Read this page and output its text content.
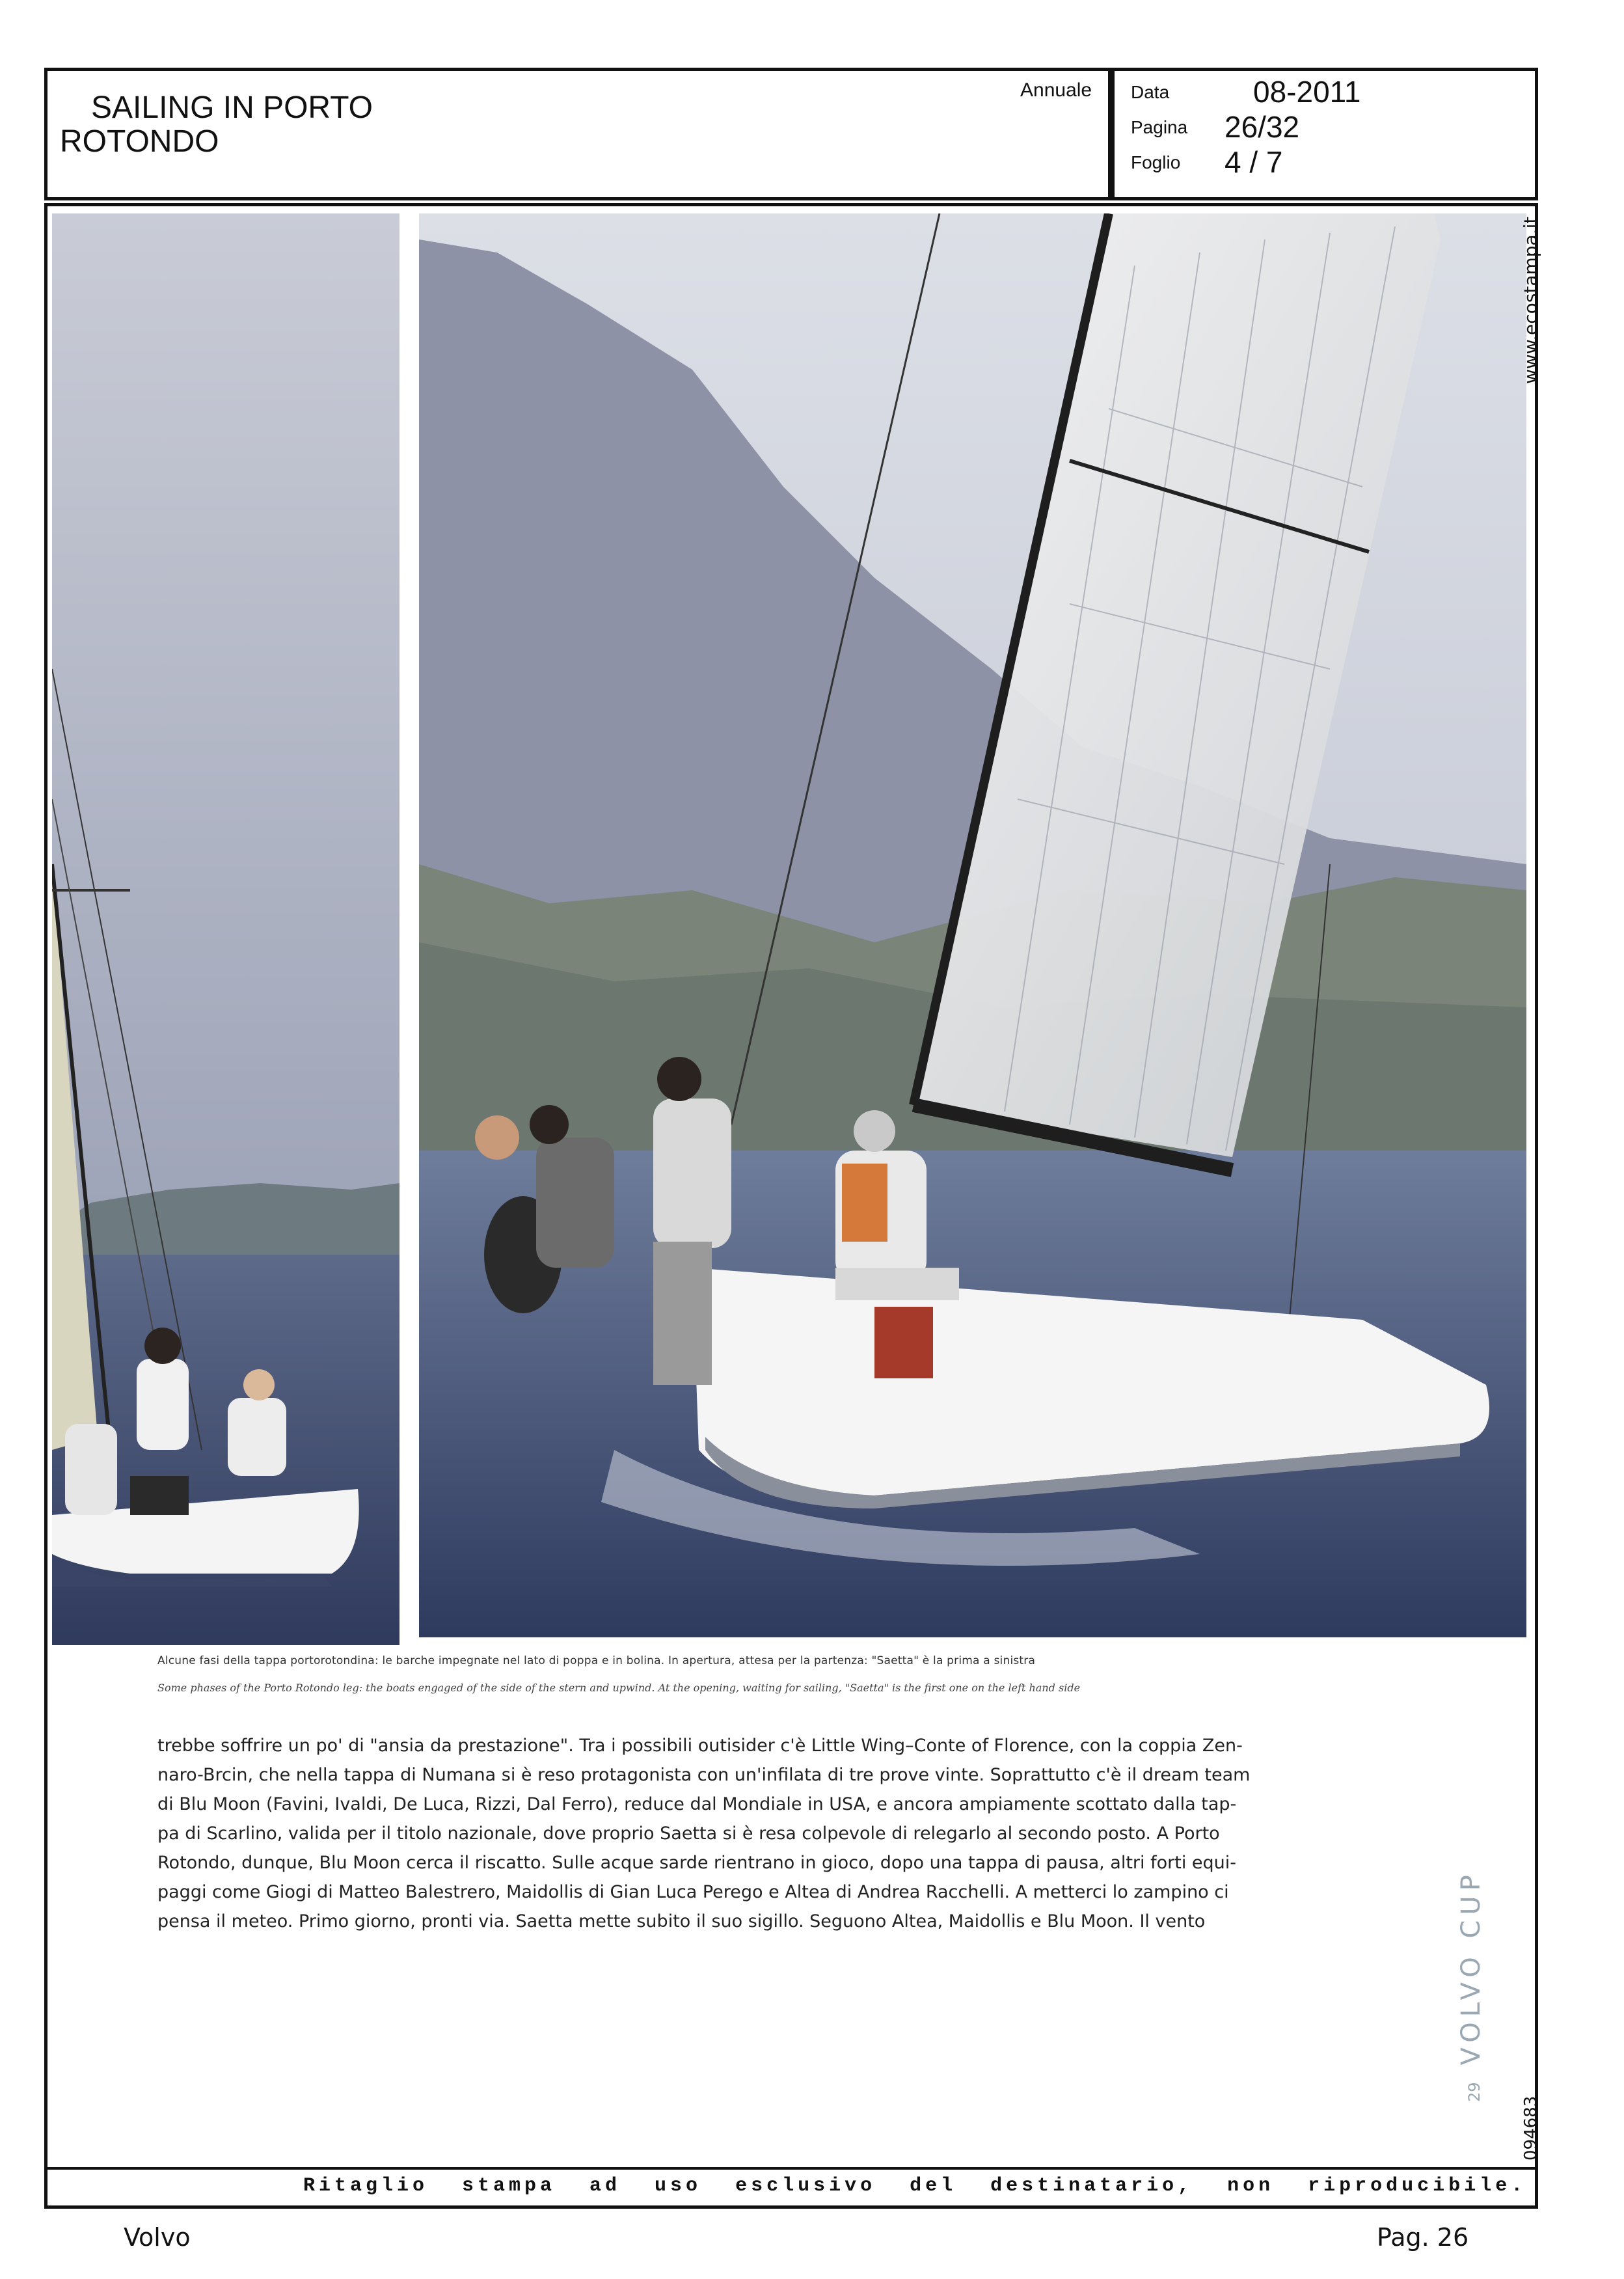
SAILING IN PORTO
ROTONDO
Annuale Data	08-2011
Pagina 26/32
Foglio 4 / 7
Alcune fasi della tappa portorotondina: le barche impegnate nel lato di poppa e in bolina. In apertura, attesa per la partenza: "Saetta" è la prima a sinistra
Some phases of the Porto Rotondo leg: the boats engaged of the side of the stern and upwind. At the opening, waiting for sailing, "Saetta" is the first one on the left hand side
trebbe soffrire un po' di "ansia da prestazione". Tra i possibili outisider c'è Little Wing–Conte of Florence, con la coppia Zen-
naro-Brcin, che nella tappa di Numana si è reso protagonista con un'infilata di tre prove vinte. Soprattutto c'è il dream team
di Blu Moon (Favini, Ivaldi, De Luca, Rizzi, Dal Ferro), reduce dal Mondiale in USA, e ancora ampiamente scottato dalla tap-
pa di Scarlino, valida per il titolo nazionale, dove proprio Saetta si è resa colpevole di relegarlo al secondo posto. A Porto
Rotondo, dunque, Blu Moon cerca il riscatto. Sulle acque sarde rientrano in gioco, dopo una tappa di pausa, altri forti equi-
paggi come Giogi di Matteo Balestrero, Maidollis di Gian Luca Perego e Altea di Andrea Racchelli. A metterci lo zampino ci
pensa il meteo. Primo giorno, pronti via. Saetta mette subito il suo sigillo. Seguono Altea, Maidollis e Blu Moon. Il vento
29VOLVO CUP
www.ecostampa.it
094683
Ritaglio stampa ad uso esclusivo del destinatario, non riproducibile.
Volvo	Pag. 26
